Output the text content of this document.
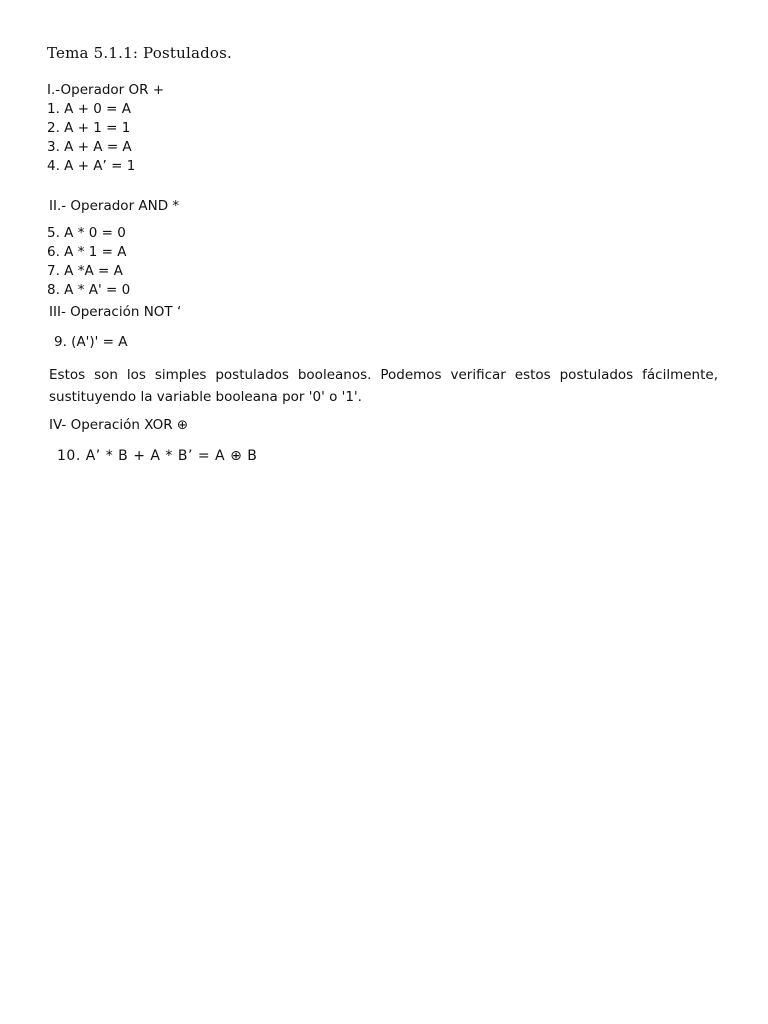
Tema 5.1.1: Postulados.
I.-Operador OR +
1. A + 0 = A
2. A + 1 = 1
3. A + A = A
4. A + A’ = 1
II.- Operador AND *
5. A * 0 = 0
6. A * 1 = A
7. A *A = A
8. A * A' = 0
III- Operación NOT ‘
9. (A')' = A
Estos son los simples postulados booleanos. Podemos verificar estos postulados fácilmente, sustituyendo la variable booleana por '0' o '1'.
IV- Operación XOR ⊕
10. A’ * B + A * B’ = A ⊕ B
